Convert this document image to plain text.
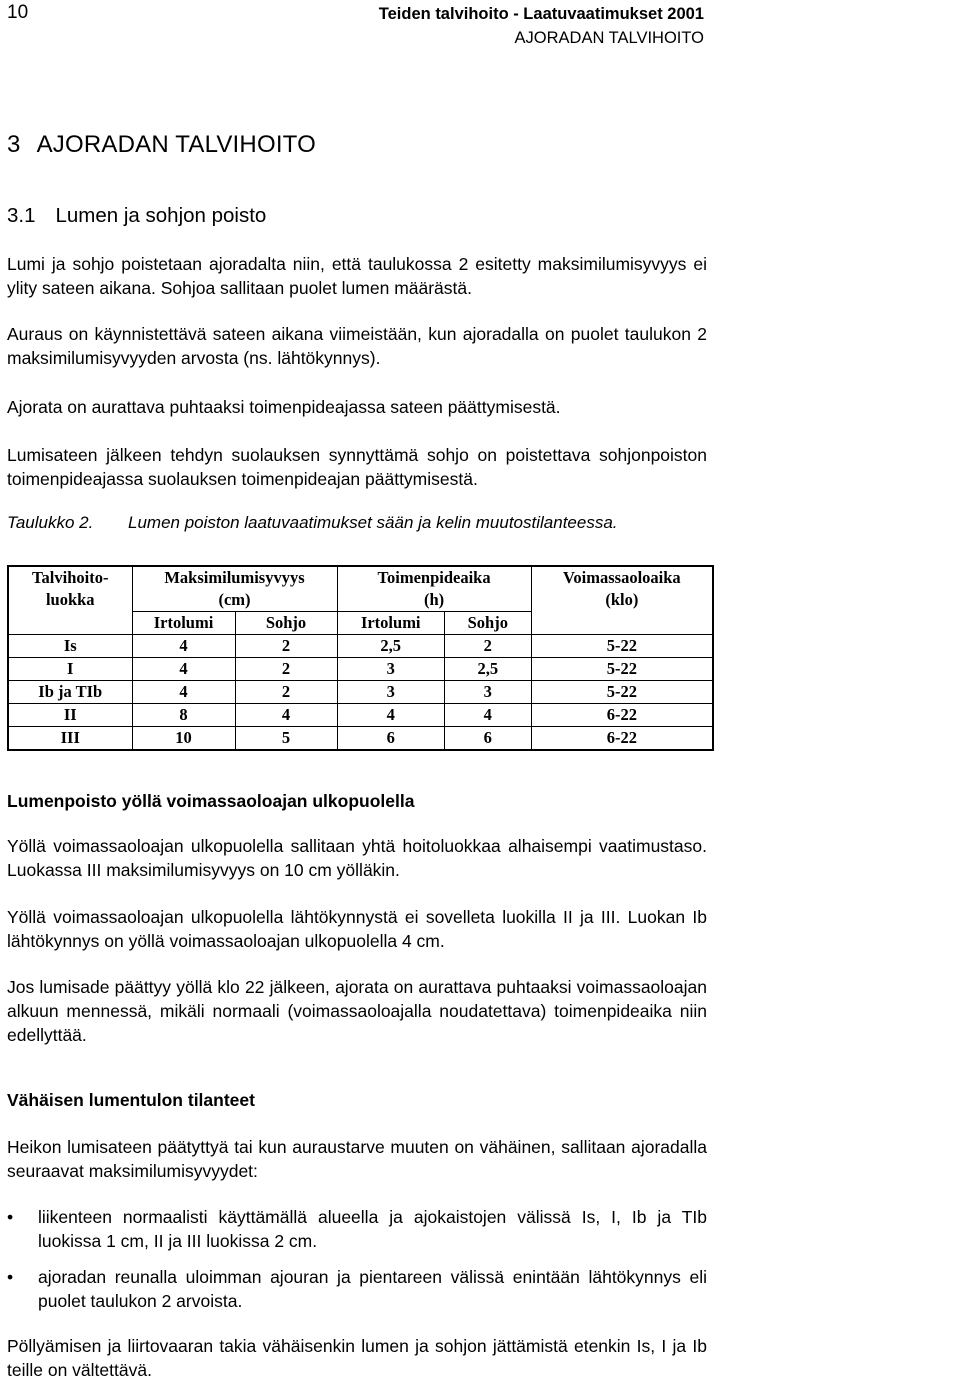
10	Teiden talvihoito - Laatuvaatimukset 2001
AJORADAN TALVIHOITO
3 AJORADAN TALVIHOITO
3.1 Lumen ja sohjon poisto
Lumi ja sohjo poistetaan ajoradalta niin, että taulukossa 2 esitetty maksimilumisyvyys ei ylity sateen aikana. Sohjoa sallitaan puolet lumen määrästä.
Auraus on käynnistettävä sateen aikana viimeistään, kun ajoradalla on puolet taulukon 2 maksimilumisyvyyden arvosta (ns. lähtökynnys).
Ajorata on aurattava puhtaaksi toimenpideajassa sateen päättymisestä.
Lumisateen jälkeen tehdyn suolauksen synnyttämä sohjo on poistettava sohjonpoiston toimenpideajassa suolauksen toimenpideajan päättymisestä.
Taulukko 2. Lumen poiston laatuvaatimukset sään ja kelin muutostilanteessa.
Talvihoito-luokka	Maksimilumisyvyys (cm)		Toimenpideaika (h)		Voimassaoloaika (klo)
	Irtolumi	Sohjo	Irtolumi	Sohjo	
Is	4	2	2,5	2	5-22
I	4	2	3	2,5	5-22
Ib ja TIb	4	2	3	3	5-22
II	8	4	4	4	6-22
III	10	5	6	6	6-22
Lumenpoisto yöllä voimassaoloajan ulkopuolella
Yöllä voimassaoloajan ulkopuolella sallitaan yhtä hoitoluokkaa alhaisempi vaatimustaso. Luokassa III maksimilumisyvyys on 10 cm yölläkin.
Yöllä voimassaoloajan ulkopuolella lähtökynnystä ei sovelleta luokilla II ja III. Luokan Ib lähtökynnys on yöllä voimassaoloajan ulkopuolella 4 cm.
Jos lumisade päättyy yöllä klo 22 jälkeen, ajorata on aurattava puhtaaksi voimassaoloajan alkuun mennessä, mikäli normaali (voimassaoloajalla noudatettava) toimenpideaika niin edellyttää.
Vähäisen lumentulon tilanteet
Heikon lumisateen päätyttyä tai kun auraustarve muuten on vähäinen, sallitaan ajoradalla seuraavat maksimilumisyvyydet:
• liikenteen normaalisti käyttämällä alueella ja ajokaistojen välissä Is, I, Ib ja TIb luokissa 1 cm, II ja III luokissa 2 cm.
• ajoradan reunalla uloimman ajouran ja pientareen välissä enintään lähtökynnys eli puolet taulukon 2 arvoista.
Pöllyämisen ja liirtovaaran takia vähäisenkin lumen ja sohjon jättämistä etenkin Is, I ja Ib teille on vältettävä.
